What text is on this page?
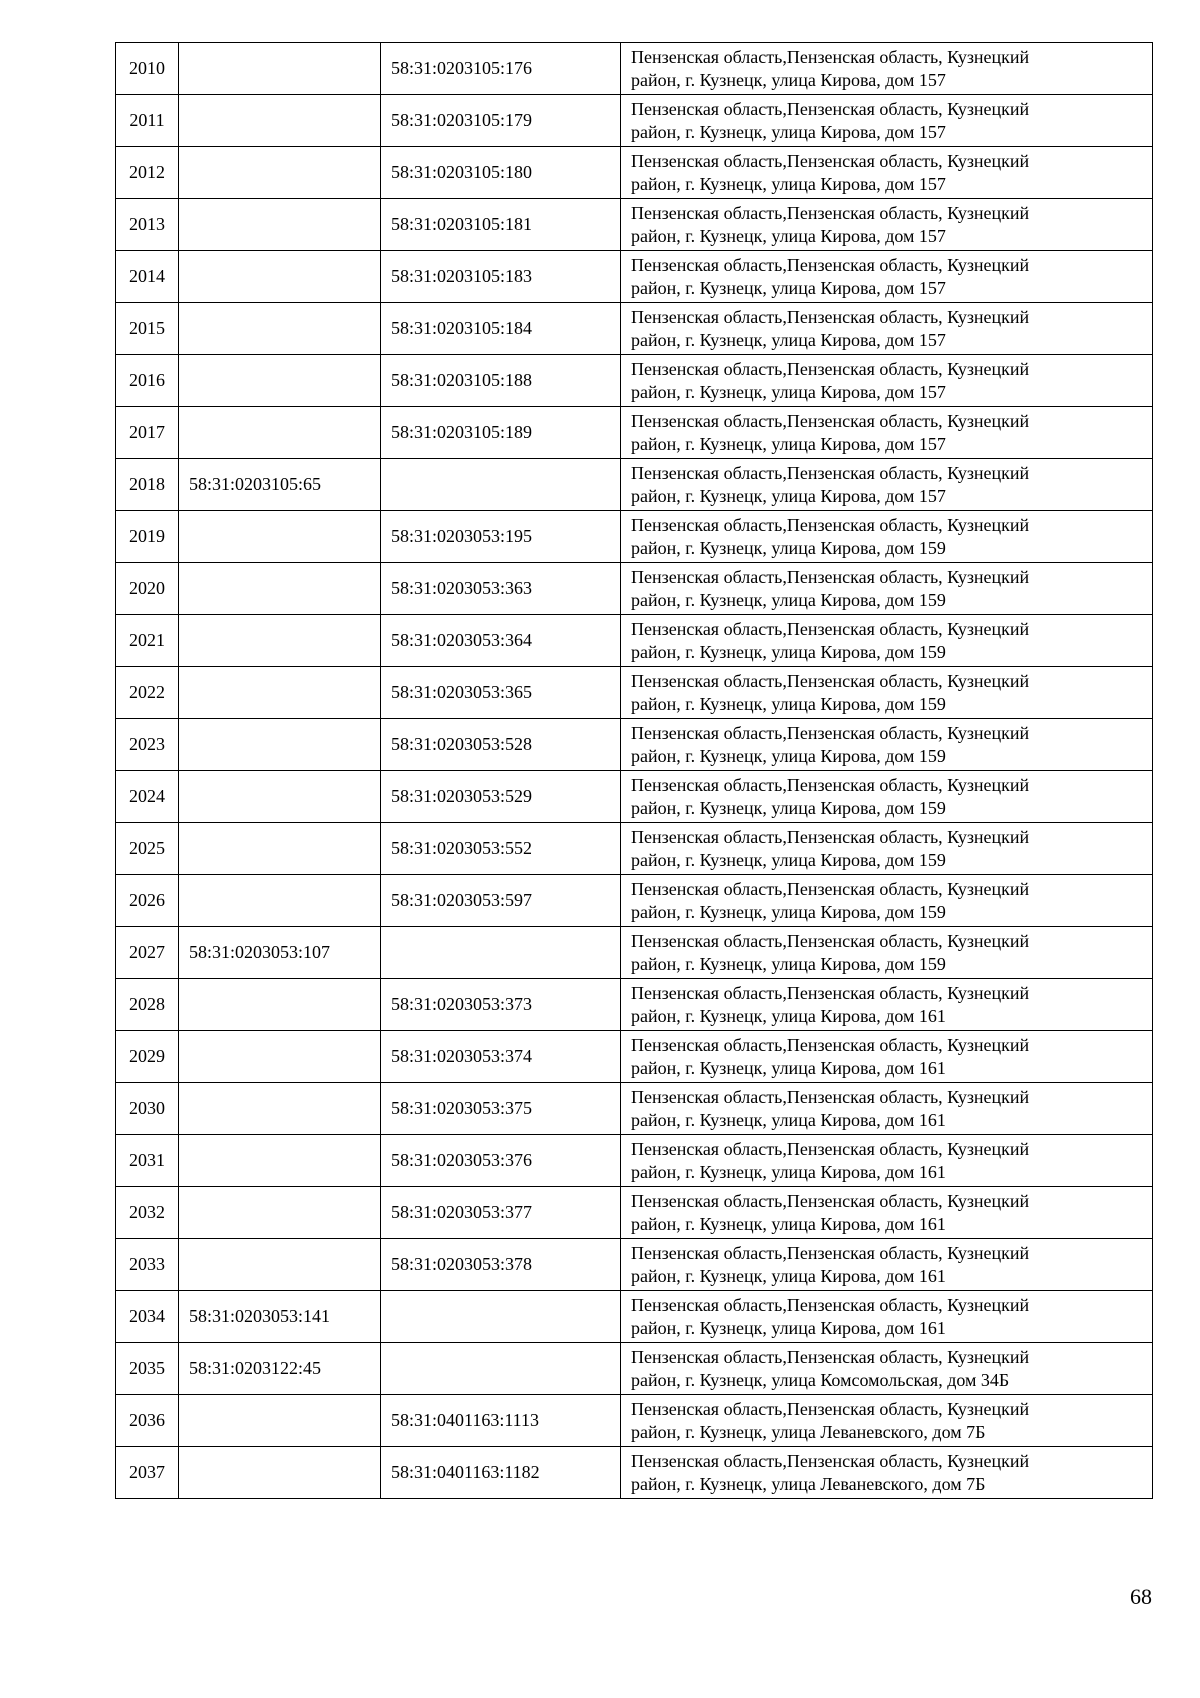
2010		58:31:0203105:176	Пензенская область,Пензенская область, Кузнецкий
район, г. Кузнецк, улица Кирова, дом 157

2011		58:31:0203105:179	Пензенская область,Пензенская область, Кузнецкий
район, г. Кузнецк, улица Кирова, дом 157

2012		58:31:0203105:180	Пензенская область,Пензенская область, Кузнецкий
район, г. Кузнецк, улица Кирова, дом 157

2013		58:31:0203105:181	Пензенская область,Пензенская область, Кузнецкий
район, г. Кузнецк, улица Кирова, дом 157

2014		58:31:0203105:183	Пензенская область,Пензенская область, Кузнецкий
район, г. Кузнецк, улица Кирова, дом 157

2015		58:31:0203105:184	Пензенская область,Пензенская область, Кузнецкий
район, г. Кузнецк, улица Кирова, дом 157

2016		58:31:0203105:188	Пензенская область,Пензенская область, Кузнецкий
район, г. Кузнецк, улица Кирова, дом 157

2017		58:31:0203105:189	Пензенская область,Пензенская область, Кузнецкий
район, г. Кузнецк, улица Кирова, дом 157

2018	58:31:0203105:65		Пензенская область,Пензенская область, Кузнецкий
район, г. Кузнецк, улица Кирова, дом 157

2019		58:31:0203053:195	Пензенская область,Пензенская область, Кузнецкий
район, г. Кузнецк, улица Кирова, дом 159

2020		58:31:0203053:363	Пензенская область,Пензенская область, Кузнецкий
район, г. Кузнецк, улица Кирова, дом 159

2021		58:31:0203053:364	Пензенская область,Пензенская область, Кузнецкий
район, г. Кузнецк, улица Кирова, дом 159

2022		58:31:0203053:365	Пензенская область,Пензенская область, Кузнецкий
район, г. Кузнецк, улица Кирова, дом 159

2023		58:31:0203053:528	Пензенская область,Пензенская область, Кузнецкий
район, г. Кузнецк, улица Кирова, дом 159

2024		58:31:0203053:529	Пензенская область,Пензенская область, Кузнецкий
район, г. Кузнецк, улица Кирова, дом 159

2025		58:31:0203053:552	Пензенская область,Пензенская область, Кузнецкий
район, г. Кузнецк, улица Кирова, дом 159

2026		58:31:0203053:597	Пензенская область,Пензенская область, Кузнецкий
район, г. Кузнецк, улица Кирова, дом 159

2027	58:31:0203053:107		Пензенская область,Пензенская область, Кузнецкий
район, г. Кузнецк, улица Кирова, дом 159

2028		58:31:0203053:373	Пензенская область,Пензенская область, Кузнецкий
район, г. Кузнецк, улица Кирова, дом 161

2029		58:31:0203053:374	Пензенская область,Пензенская область, Кузнецкий
район, г. Кузнецк, улица Кирова, дом 161

2030		58:31:0203053:375	Пензенская область,Пензенская область, Кузнецкий
район, г. Кузнецк, улица Кирова, дом 161

2031		58:31:0203053:376	Пензенская область,Пензенская область, Кузнецкий
район, г. Кузнецк, улица Кирова, дом 161

2032		58:31:0203053:377	Пензенская область,Пензенская область, Кузнецкий
район, г. Кузнецк, улица Кирова, дом 161

2033		58:31:0203053:378	Пензенская область,Пензенская область, Кузнецкий
район, г. Кузнецк, улица Кирова, дом 161

2034	58:31:0203053:141		Пензенская область,Пензенская область, Кузнецкий
район, г. Кузнецк, улица Кирова, дом 161

2035	58:31:0203122:45		Пензенская область,Пензенская область, Кузнецкий
район, г. Кузнецк, улица Комсомольская, дом 34Б

2036		58:31:0401163:1113	Пензенская область,Пензенская область, Кузнецкий
район, г. Кузнецк, улица Леваневского, дом 7Б

2037		58:31:0401163:1182	Пензенская область,Пензенская область, Кузнецкий
район, г. Кузнецк, улица Леваневского, дом 7Б
68
